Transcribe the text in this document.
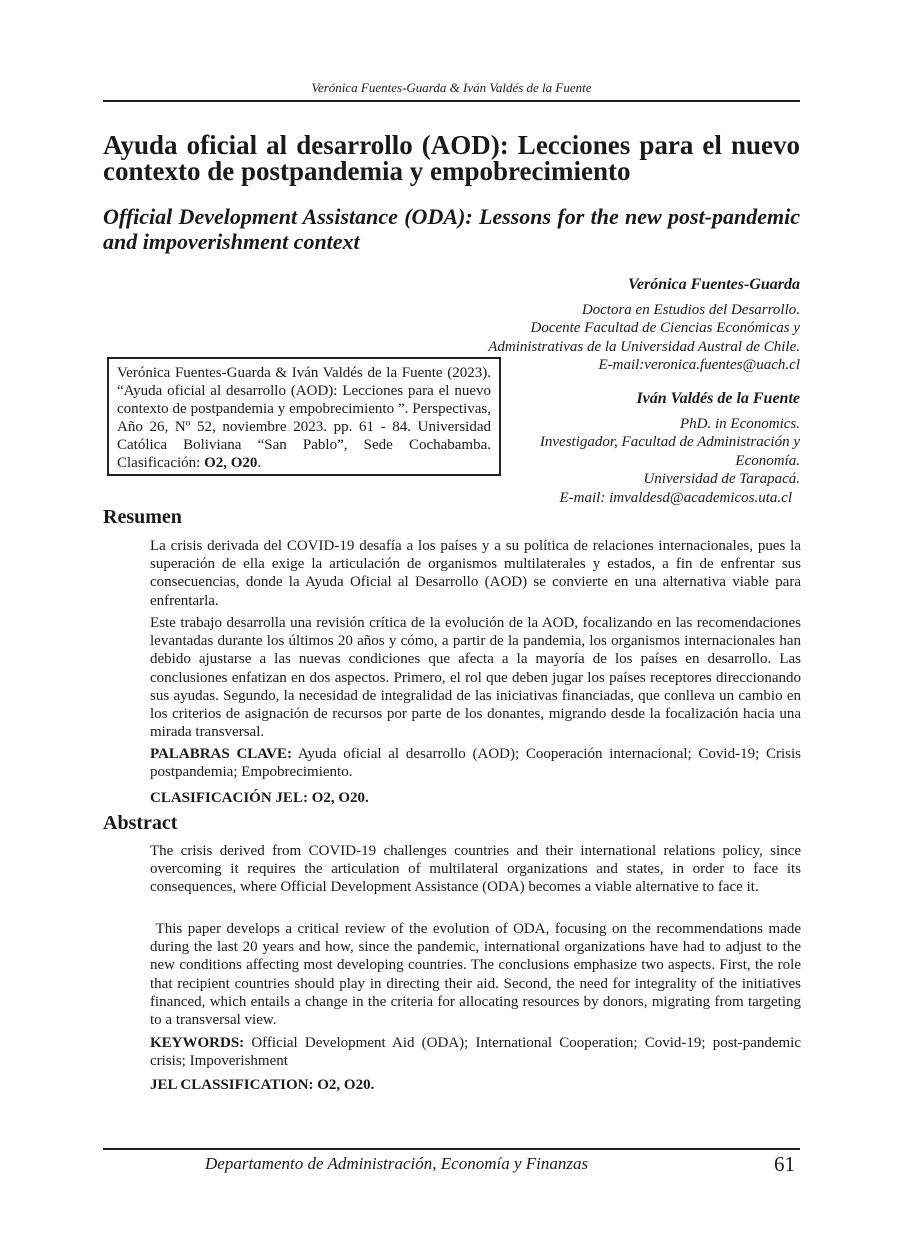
Verónica Fuentes-Guarda & Iván Valdés de la Fuente
Ayuda oficial al desarrollo (AOD): Lecciones para el nuevo contexto de postpandemia y empobrecimiento
Official Development Assistance (ODA): Lessons for the new post-pandemic and impoverishment context
Verónica Fuentes-Guarda
Doctora en Estudios del Desarrollo.
Docente Facultad de Ciencias Económicas y
Administrativas de la Universidad Austral de Chile.
E-mail:veronica.fuentes@uach.cl
Iván Valdés de la Fuente
PhD. in Economics.
Investigador, Facultad de Administración y
Economía.
Universidad de Tarapacá.
E-mail: imvaldesd@academicos.uta.cl
Verónica Fuentes-Guarda & Iván Valdés de la Fuente (2023). “Ayuda oficial al desarrollo (AOD): Lecciones para el nuevo contexto de postpandemia y empobrecimiento ”. Perspectivas, Año 26, Nº 52, noviembre 2023. pp. 61 - 84. Universidad Católica Boliviana “San Pablo”, Sede Cochabamba. Clasificación: O2, O20.
Resumen
La crisis derivada del COVID-19 desafía a los países y a su política de relaciones internacionales, pues la superación de ella exige la articulación de organismos multilaterales y estados, a fin de enfrentar sus consecuencias, donde la Ayuda Oficial al Desarrollo (AOD) se convierte en una alternativa viable para enfrentarla.
Este trabajo desarrolla una revisión crítica de la evolución de la AOD, focalizando en las recomendaciones levantadas durante los últimos 20 años y cómo, a partir de la pandemia, los organismos internacionales han debido ajustarse a las nuevas condiciones que afecta a la mayoría de los países en desarrollo. Las conclusiones enfatizan en dos aspectos. Primero, el rol que deben jugar los países receptores direccionando sus ayudas. Segundo, la necesidad de integralidad de las iniciativas financiadas, que conlleva un cambio en los criterios de asignación de recursos por parte de los donantes, migrando desde la focalización hacia una mirada transversal.
PALABRAS CLAVE: Ayuda oficial al desarrollo (AOD); Cooperación internacional; Covid-19; Crisis postpandemia; Empobrecimiento.
CLASIFICACIÓN JEL: O2, O20.
Abstract
The crisis derived from COVID-19 challenges countries and their international relations policy, since overcoming it requires the articulation of multilateral organizations and states, in order to face its consequences, where Official Development Assistance (ODA) becomes a viable alternative to face it.
This paper develops a critical review of the evolution of ODA, focusing on the recommendations made during the last 20 years and how, since the pandemic, international organizations have had to adjust to the new conditions affecting most developing countries. The conclusions emphasize two aspects. First, the role that recipient countries should play in directing their aid. Second, the need for integrality of the initiatives financed, which entails a change in the criteria for allocating resources by donors, migrating from targeting to a transversal view.
KEYWORDS: Official Development Aid (ODA); International Cooperation; Covid-19; post-pandemic crisis; Impoverishment
JEL CLASSIFICATION: O2, O20.
Departamento de Administración, Economía y Finanzas	61
